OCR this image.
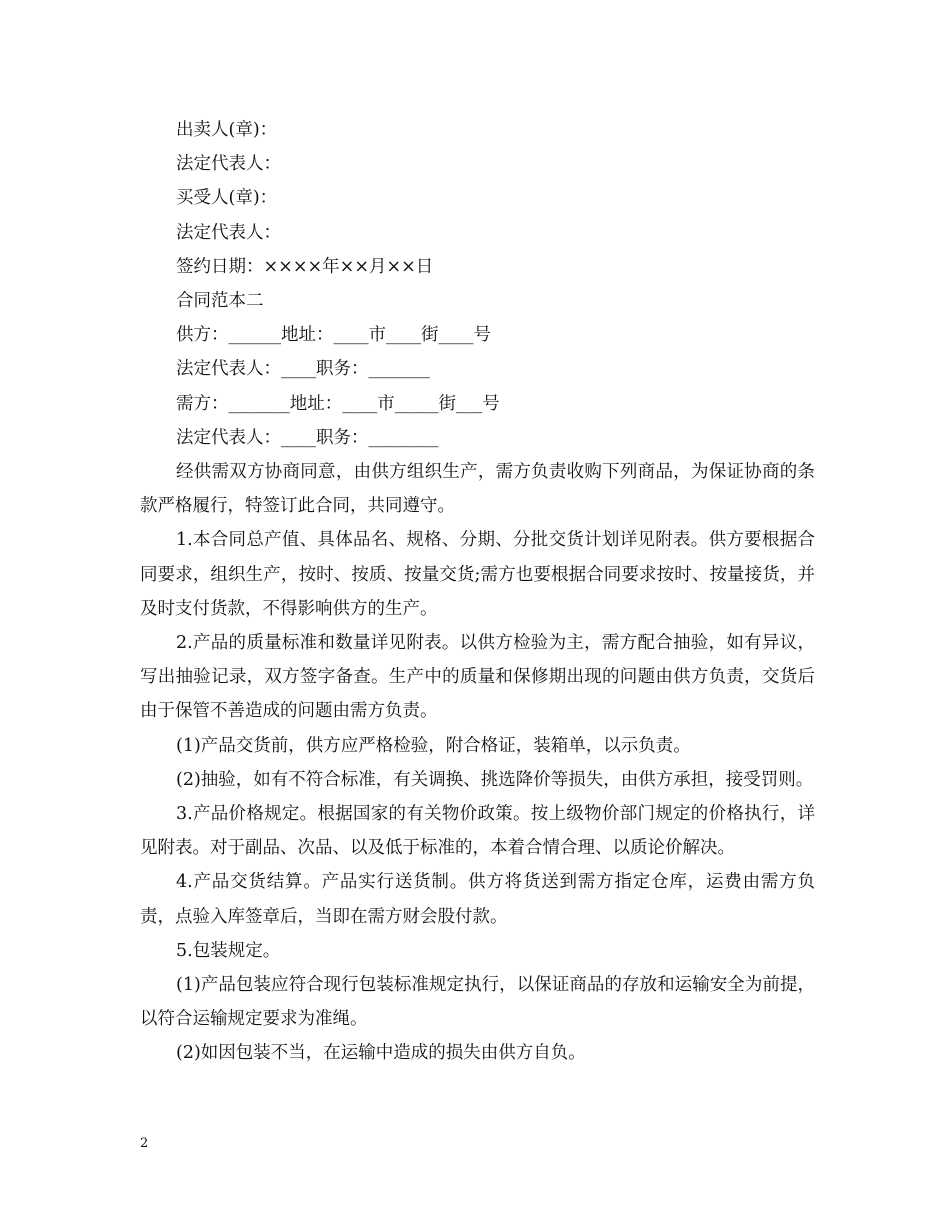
出卖人(章)：

法定代表人：

买受人(章)：

法定代表人：

签约日期：××××年××月××日

合同范本二

供方：______地址：____市____街____号

法定代表人：____职务：_______

需方：_______地址：____市_____街___号

法定代表人：____职务：________

经供需双方协商同意，由供方组织生产，需方负责收购下列商品，为保证协商的条款严格履行，特签订此合同，共同遵守。

1.本合同总产值、具体品名、规格、分期、分批交货计划详见附表。供方要根据合同要求，组织生产，按时、按质、按量交货;需方也要根据合同要求按时、按量接货，并及时支付货款，不得影响供方的生产。

2.产品的质量标准和数量详见附表。以供方检验为主，需方配合抽验，如有异议，写出抽验记录，双方签字备查。生产中的质量和保修期出现的问题由供方负责，交货后由于保管不善造成的问题由需方负责。

(1)产品交货前，供方应严格检验，附合格证，装箱单，以示负责。

(2)抽验，如有不符合标准，有关调换、挑选降价等损失，由供方承担，接受罚则。

3.产品价格规定。根据国家的有关物价政策。按上级物价部门规定的价格执行，详见附表。对于副品、次品、以及低于标准的，本着合情合理、以质论价解决。

4.产品交货结算。产品实行送货制。供方将货送到需方指定仓库，运费由需方负责，点验入库签章后，当即在需方财会股付款。

5.包装规定。

(1)产品包装应符合现行包装标准规定执行，以保证商品的存放和运输安全为前提，以符合运输规定要求为准绳。

(2)如因包装不当，在运输中造成的损失由供方自负。

2
